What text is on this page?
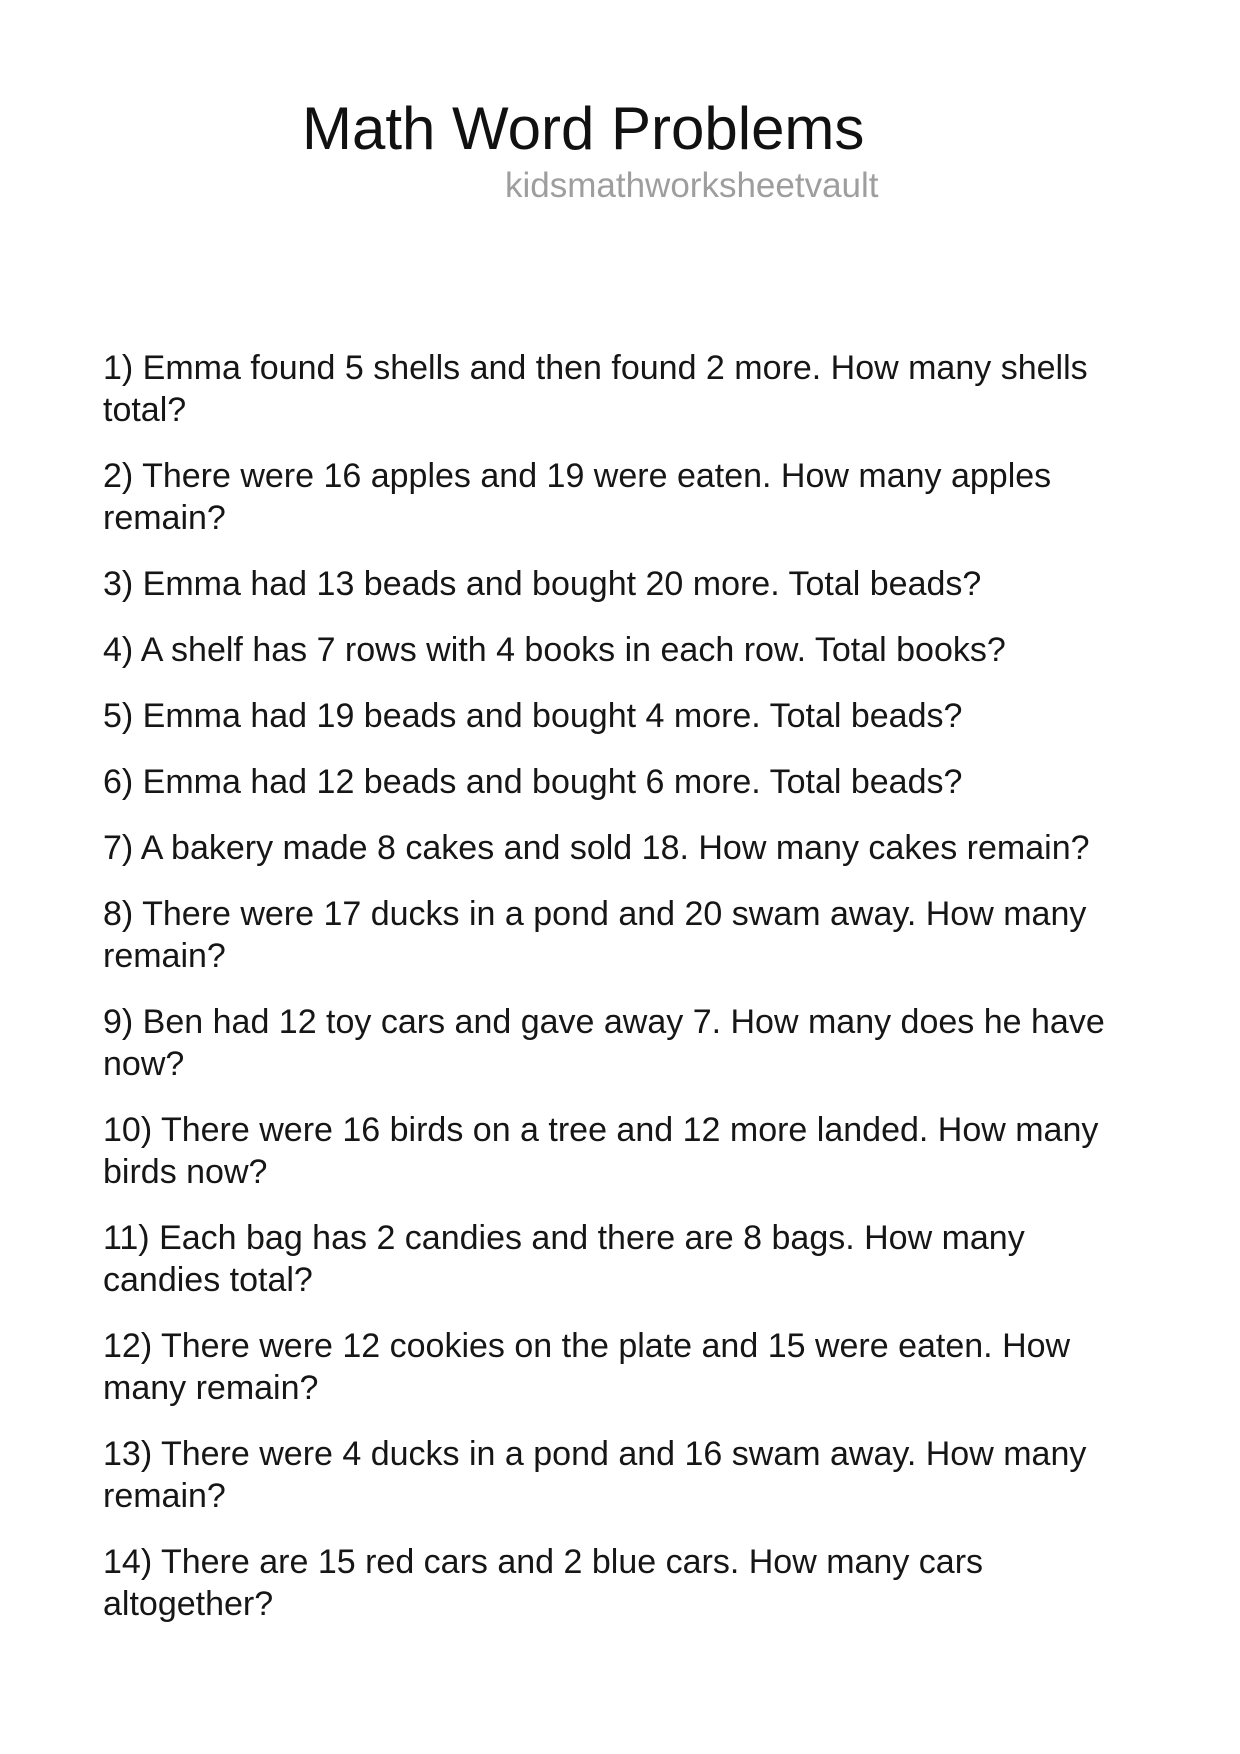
Math Word Problems
kidsmathworksheetvault
1) Emma found 5 shells and then found 2 more. How many shells total?
2) There were 16 apples and 19 were eaten. How many apples remain?
3) Emma had 13 beads and bought 20 more. Total beads?
4) A shelf has 7 rows with 4 books in each row. Total books?
5) Emma had 19 beads and bought 4 more. Total beads?
6) Emma had 12 beads and bought 6 more. Total beads?
7) A bakery made 8 cakes and sold 18. How many cakes remain?
8) There were 17 ducks in a pond and 20 swam away. How many remain?
9) Ben had 12 toy cars and gave away 7. How many does he have now?
10) There were 16 birds on a tree and 12 more landed. How many birds now?
11) Each bag has 2 candies and there are 8 bags. How many candies total?
12) There were 12 cookies on the plate and 15 were eaten. How many remain?
13) There were 4 ducks in a pond and 16 swam away. How many remain?
14) There are 15 red cars and 2 blue cars. How many cars altogether?
